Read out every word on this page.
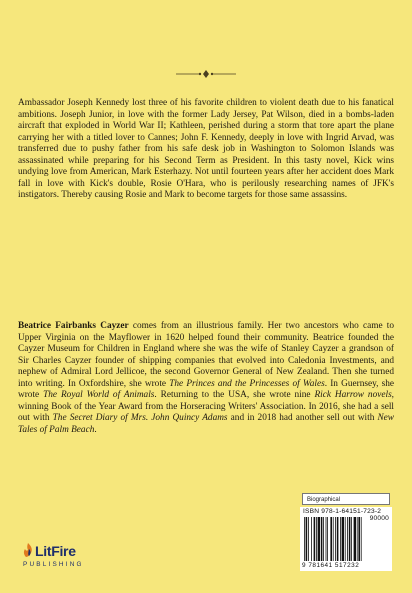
Ambassador Joseph Kennedy lost three of his favorite children to violent death due to his fanatical ambitions. Joseph Junior, in love with the former Lady Jersey, Pat Wilson, died in a bombs-laden aircraft that exploded in World War II; Kathleen, perished during a storm that tore apart the plane carrying her with a titled lover to Cannes; John F. Kennedy, deeply in love with Ingrid Arvad, was transferred due to pushy father from his safe desk job in Washington to Solomon Islands was assassinated while preparing for his Second Term as President. In this tasty novel, Kick wins undying love from American, Mark Esterhazy. Not until fourteen years after her accident does Mark fall in love with Kick's double, Rosie O'Hara, who is perilously researching names of JFK's instigators. Thereby causing Rosie and Mark to become targets for those same assassins.

Beatrice Fairbanks Cayzer comes from an illustrious family. Her two ancestors who came to Upper Virginia on the Mayflower in 1620 helped found their community. Beatrice founded the Cayzer Museum for Children in England where she was the wife of Stanley Cayzer a grandson of Sir Charles Cayzer founder of shipping companies that evolved into Caledonia Investments, and nephew of Admiral Lord Jellicoe, the second Governor General of New Zealand. Then she turned into writing. In Oxfordshire, she wrote The Princes and the Princesses of Wales. In Guernsey, she wrote The Royal World of Animals. Returning to the USA, she wrote nine Rick Harrow novels, winning Book of the Year Award from the Horseracing Writers' Association. In 2016, she had a sell out with The Secret Diary of Mrs. John Quincy Adams and in 2018 had another sell out with New Tales of Palm Beach.
Biographical
ISBN 978-1-64151-723-2
90000
9 781641 517232
LitFire
PUBLISHING
